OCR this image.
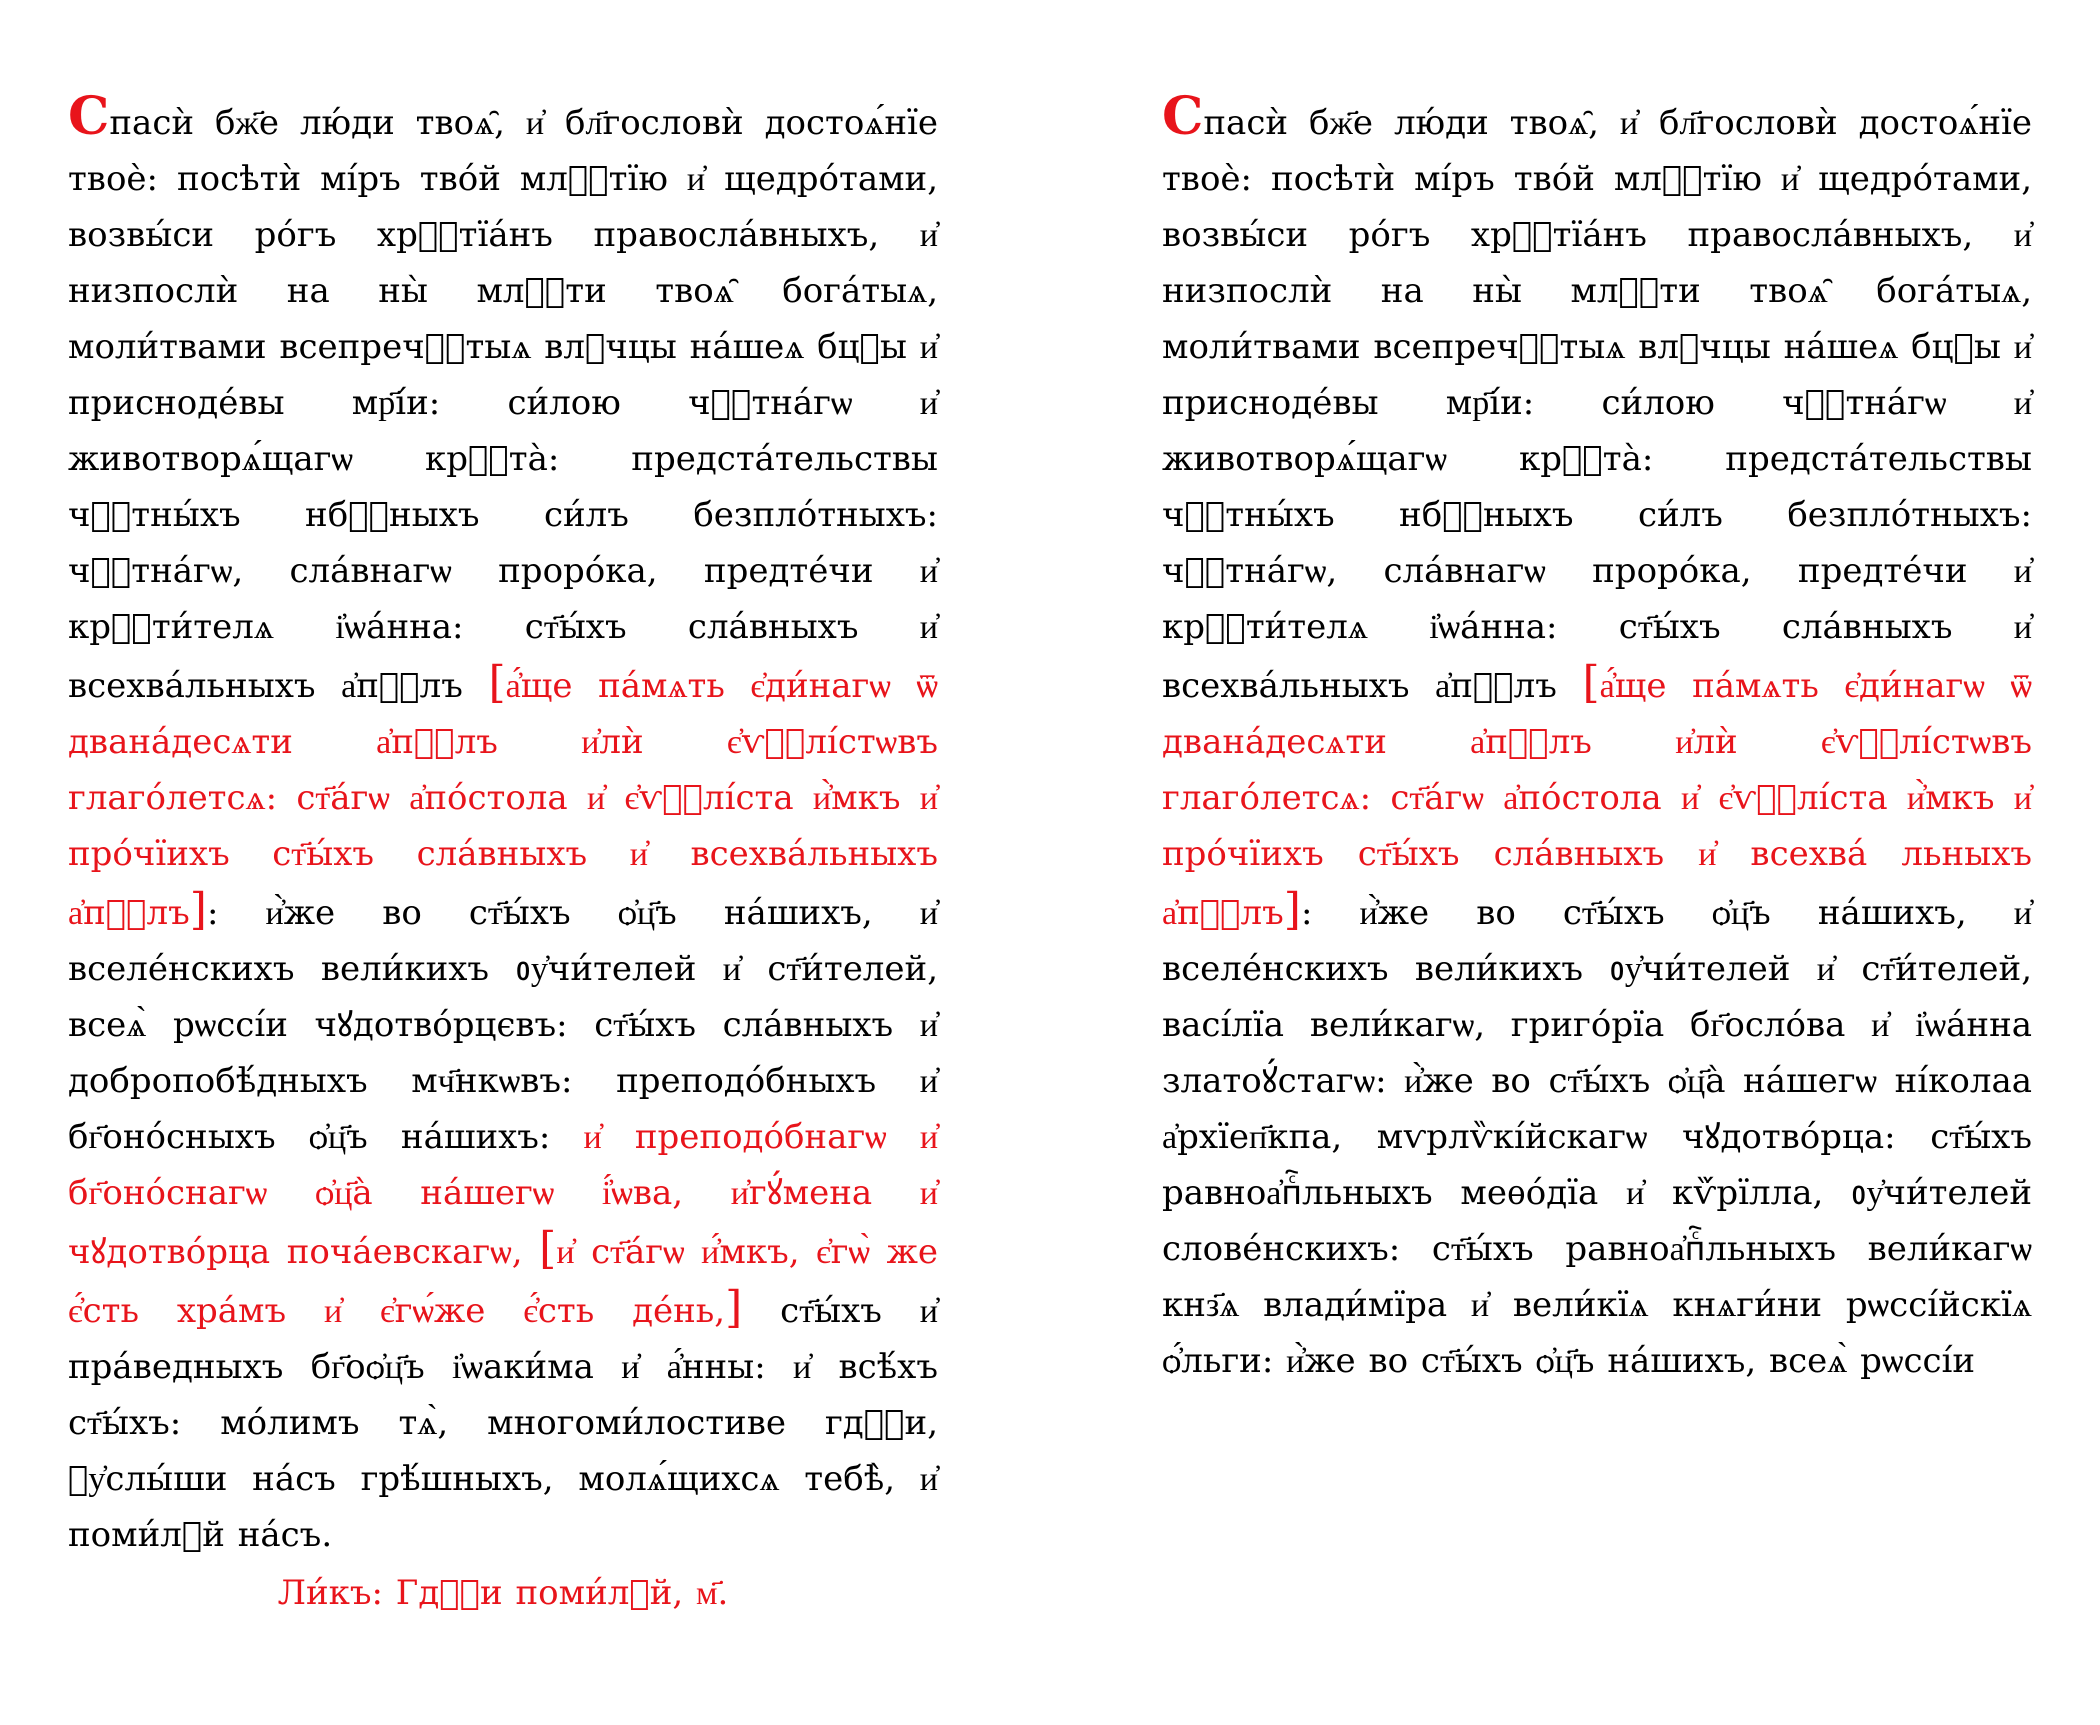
Спасѝ бж҃е лю́ди твоѧ̑, и҆ бл҃гословѝ достоѧ́нїе твоѐ: посѣтѝ мі́ръ тво́й млⷭ҇тїю и҆ щедро́тами, возвы́си ро́гъ хрⷭ҇тїа́нъ правосла́вныхъ, и҆ низпослѝ на ны̀ млⷭ҇ти твоѧ̑ бога́тыѧ, моли́твами всепречⷭ҇тыѧ влⷣчцы на́шеѧ бцⷣы и҆ присноде́вы мр҃і́и: си́лою чⷭ҇тна́гѡ и҆ животворѧ́щагѡ крⷭ҇та̀: предста́тельствы чⷭ҇тны́хъ нбⷭ҇ныхъ си́лъ безпло́тныхъ: чⷭ҇тна́гѡ, сла́внагѡ проро́ка, предте́чи и҆ крⷭ҇ти́телѧ і҆ѡа́нна: ст҃ы́хъ сла́вныхъ и҆ всехва́льныхъ а҆пⷭ҇лъ [а҆́ще па́мѧть є҆ди́нагѡ ѿ двана́десѧти а҆пⷭ҇лъ и҆лѝ є҆ѵⷢ҇лі́стѡвъ глаго́летсѧ: ст҃а́гѡ а҆по́стола и҆ є҆ѵⷢ҇лі́ста и҆̀мкъ и҆ про́чїихъ ст҃ы́хъ сла́вныхъ и҆ всехва́льныхъ а҆пⷭ҇лъ]: и҆̀же во ст҃ы́хъ ѻ҆ц҃ъ на́шихъ, и҆ вселе́нскихъ вели́кихъ ᲂу҆чи́телей и҆ ст҃и́телей, всеѧ̀ рѡссі́и чꙋдотво́рцєвъ: ст҃ы́хъ сла́вныхъ и҆ добропобѣ́дныхъ мч҃нкѡвъ: преподо́бныхъ и҆ бг҃оно́сныхъ ѻ҆ц҃ъ на́шихъ: и҆ преподо́бнагѡ и҆ бг҃оно́снагѡ ѻ҆ц҃а̀ на́шегѡ і҆́ѡва, и҆гꙋ́мена и҆ чꙋдотво́рца поча́евскагѡ, [и҆ ст҃а́гѡ и҆́мкъ, є҆гѡ̀ же є҆́сть хра́мъ и҆ є҆гѡ́же є҆́сть де́нь,] ст҃ы́хъ и҆ пра́ведныхъ бг҃оѻ҆ц҃ъ і҆ѡаки́ма и҆ а҆́нны: и҆ всѣ́хъ ст҃ы́хъ: мо́лимъ тѧ̀, многоми́лостиве гдⷭ҇и, ᲂу҆слы́ши на́съ грѣ́шныхъ, молѧ́щихсѧ тебѣ̀, и҆ поми́лꙋй на́съ.
Ли́къ: Гдⷭ҇и поми́лꙋй, м҃.
Спасѝ бж҃е лю́ди твоѧ̑, и҆ бл҃гословѝ достоѧ́нїе твоѐ: посѣтѝ мі́ръ тво́й млⷭ҇тїю и҆ щедро́тами, возвы́си ро́гъ хрⷭ҇тїа́нъ правосла́вныхъ, и҆ низпослѝ на ны̀ млⷭ҇ти твоѧ̑ бога́тыѧ, моли́твами всепречⷭ҇тыѧ влⷣчцы на́шеѧ бцⷣы и҆ присноде́вы мр҃і́и: си́лою чⷭ҇тна́гѡ и҆ животворѧ́щагѡ крⷭ҇та̀: предста́тельствы чⷭ҇тны́хъ нбⷭ҇ныхъ си́лъ безпло́тныхъ: чⷭ҇тна́гѡ, сла́внагѡ проро́ка, предте́чи и҆ крⷭ҇ти́телѧ і҆ѡа́нна: ст҃ы́хъ сла́вныхъ и҆ всехва́льныхъ а҆пⷭ҇лъ [а҆́ще па́мѧть є҆ди́нагѡ ѿ двана́десѧти а҆пⷭ҇лъ и҆лѝ є҆ѵⷢ҇лі́стѡвъ глаго́летсѧ: ст҃а́гѡ а҆по́стола и҆ є҆ѵⷢ҇лі́ста и҆̀мкъ и҆ про́чїихъ ст҃ы́хъ сла́вныхъ и҆ всехва́ льныхъ а҆пⷭ҇лъ]: и҆̀же во ст҃ы́хъ ѻ҆ц҃ъ на́шихъ, и҆ вселе́нскихъ вели́кихъ ᲂу҆чи́телей и҆ ст҃и́телей, васі́лїа вели́кагѡ, григо́рїа бг҃осло́ва и҆ і҆ѡа́нна златоꙋ́стагѡ: и҆̀же во ст҃ы́хъ ѻ҆ц҃а̀ на́шегѡ ні́колаа а҆рхїеп҃кпа, мѵрлѷкі́йскагѡ чꙋдотво́рца: ст҃ы́хъ равноа҆пⷭ҇льныхъ меѳо́дїа и҆ кѷ́рїлла, ᲂу҆чи́телей слове́нскихъ: ст҃ы́хъ равноа҆пⷭ҇льныхъ вели́кагѡ кнз҃ѧ влади́мїра и҆ вели́кїѧ кнѧги́ни рѡссі́йскїѧ ѻ҆́льги: и҆̀же во ст҃ы́хъ ѻ҆ц҃ъ на́шихъ, всеѧ̀ рѡссі́и
